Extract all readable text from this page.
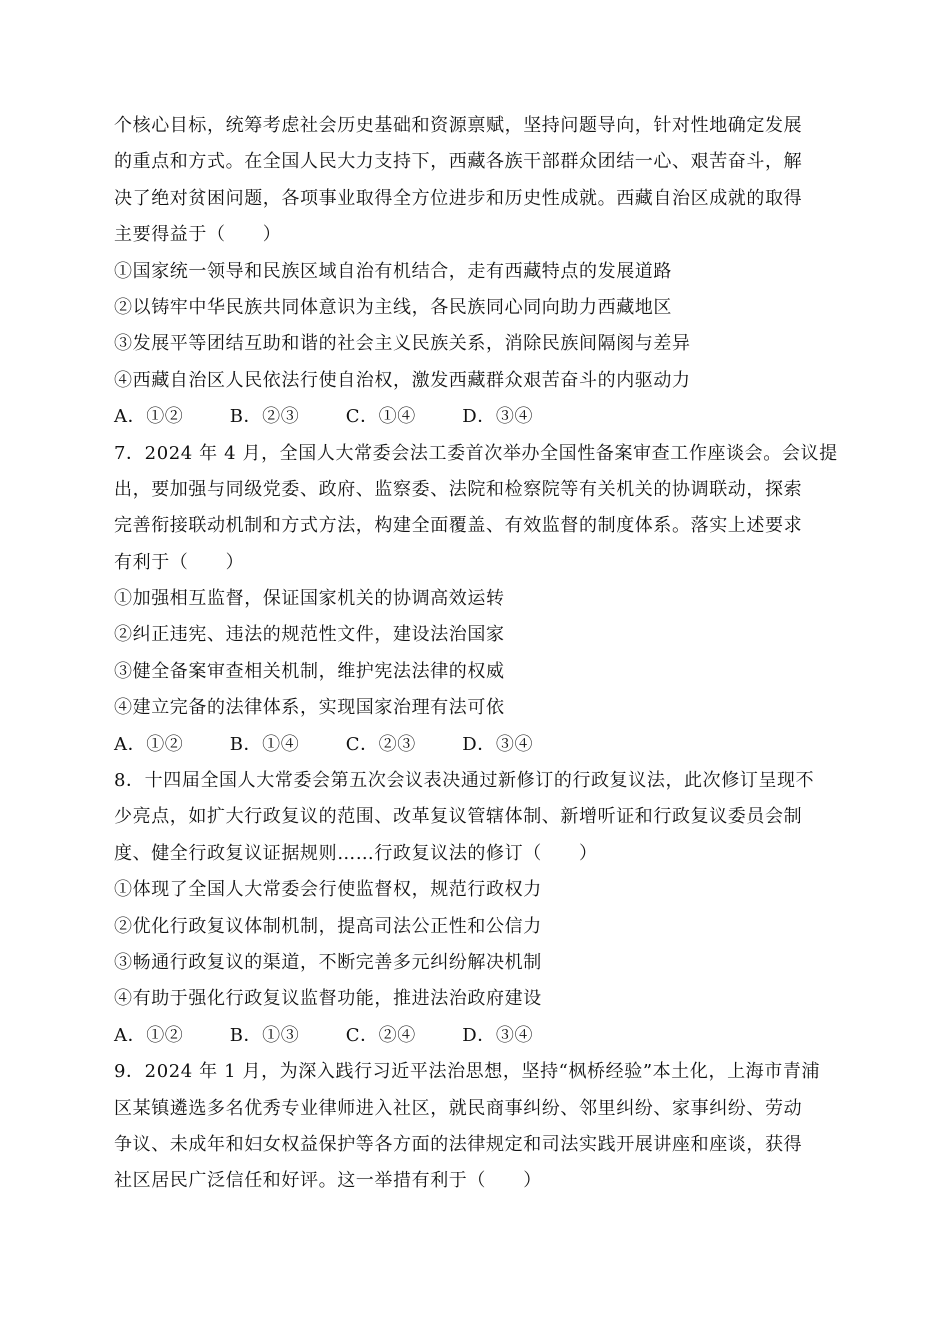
个核心目标，统筹考虑社会历史基础和资源禀赋，坚持问题导向，针对性地确定发展
的重点和方式。在全国人民大力支持下，西藏各族干部群众团结一心、艰苦奋斗，解
决了绝对贫困问题，各项事业取得全方位进步和历史性成就。西藏自治区成就的取得
主要得益于（　　）
①国家统一领导和民族区域自治有机结合，走有西藏特点的发展道路
②以铸牢中华民族共同体意识为主线，各民族同心同向助力西藏地区
③发展平等团结互助和谐的社会主义民族关系，消除民族间隔阂与差异
④西藏自治区人民依法行使自治权，激发西藏群众艰苦奋斗的内驱动力
A．①②	B．②③	C．①④	D．③④
7．2024 年 4 月，全国人大常委会法工委首次举办全国性备案审查工作座谈会。会议提
出，要加强与同级党委、政府、监察委、法院和检察院等有关机关的协调联动，探索
完善衔接联动机制和方式方法，构建全面覆盖、有效监督的制度体系。落实上述要求
有利于（　　）
①加强相互监督，保证国家机关的协调高效运转
②纠正违宪、违法的规范性文件，建设法治国家
③健全备案审查相关机制，维护宪法法律的权威
④建立完备的法律体系，实现国家治理有法可依
A．①②	B．①④	C．②③	D．③④
8．十四届全国人大常委会第五次会议表决通过新修订的行政复议法，此次修订呈现不
少亮点，如扩大行政复议的范围、改革复议管辖体制、新增听证和行政复议委员会制
度、健全行政复议证据规则……行政复议法的修订（　　）
①体现了全国人大常委会行使监督权，规范行政权力
②优化行政复议体制机制，提高司法公正性和公信力
③畅通行政复议的渠道，不断完善多元纠纷解决机制
④有助于强化行政复议监督功能，推进法治政府建设
A．①②	B．①③	C．②④	D．③④
9．2024 年 1 月，为深入践行习近平法治思想，坚持“枫桥经验”本土化，上海市青浦
区某镇遴选多名优秀专业律师进入社区，就民商事纠纷、邻里纠纷、家事纠纷、劳动
争议、未成年和妇女权益保护等各方面的法律规定和司法实践开展讲座和座谈，获得
社区居民广泛信任和好评。这一举措有利于（　　）
